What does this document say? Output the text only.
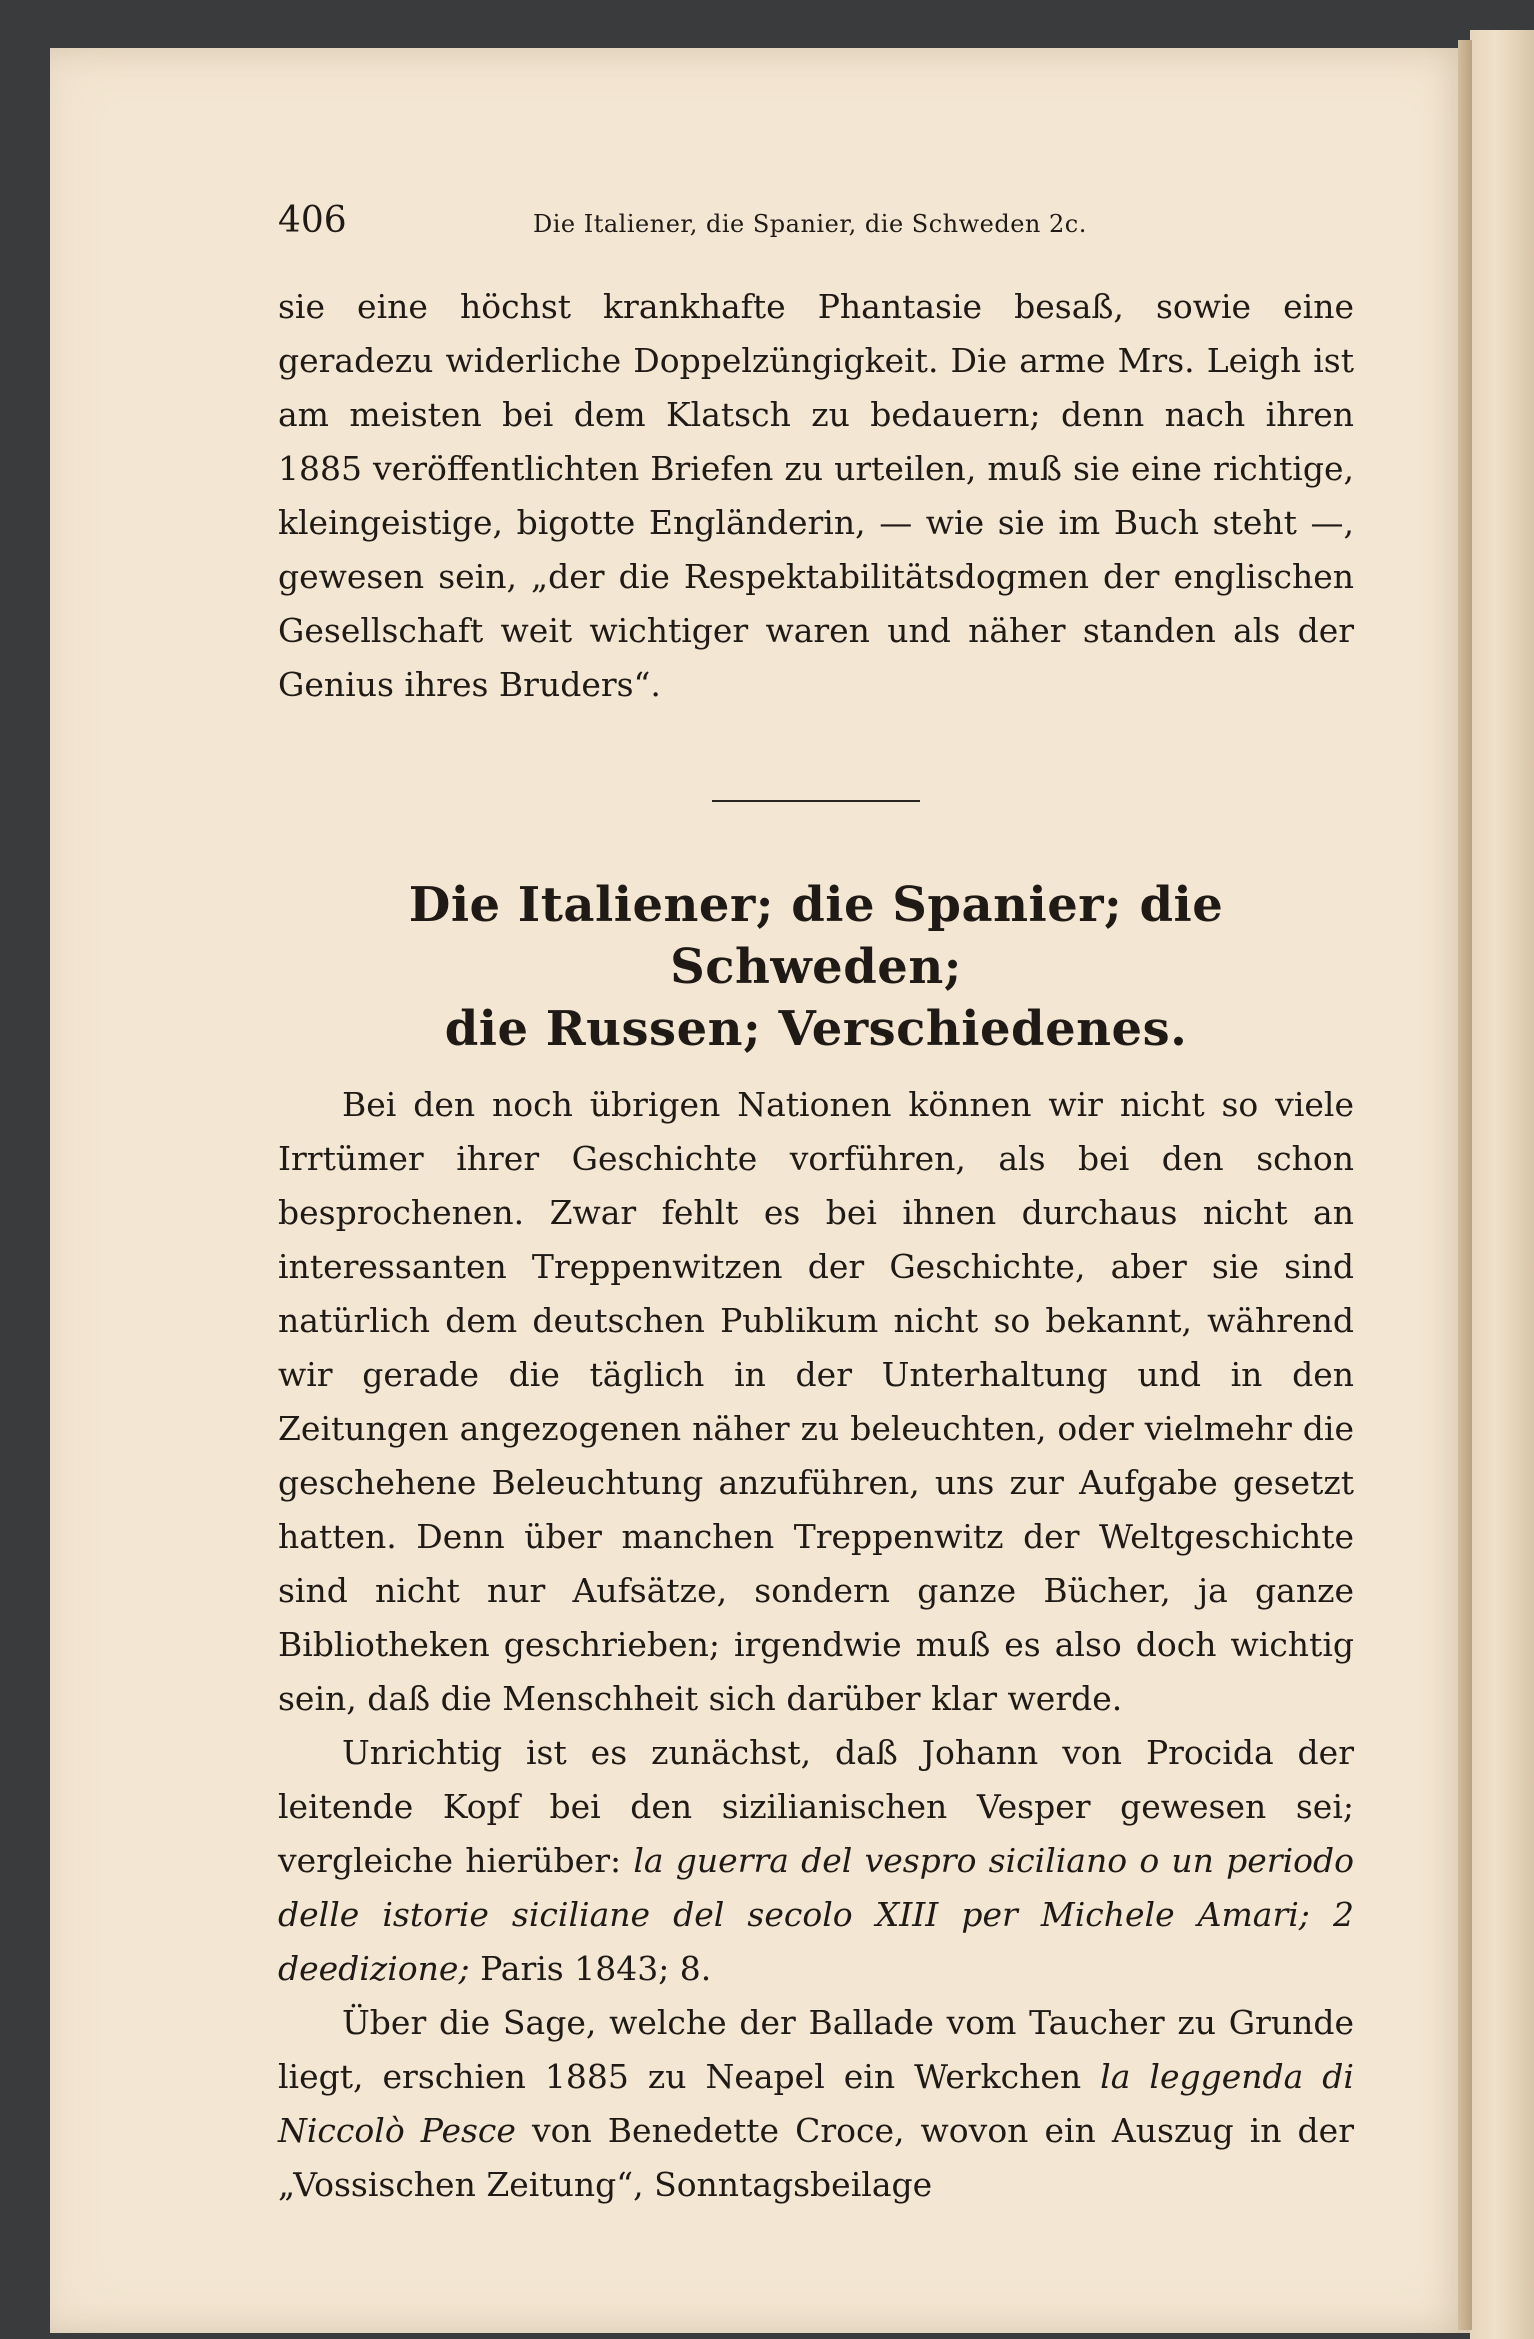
406	Die Italiener, die Spanier, die Schweden 2c.

sie eine höchst krankhafte Phantasie besaß, sowie eine geradezu widerliche Doppelzüngigkeit. Die arme Mrs. Leigh ist am meisten bei dem Klatsch zu bedauern; denn nach ihren 1885 veröffentlichten Briefen zu urteilen, muß sie eine richtige, kleingeistige, bigotte Engländerin, — wie sie im Buch steht —, gewesen sein, „der die Respektabilitätsdogmen der englischen Gesellschaft weit wichtiger waren und näher standen als der Genius ihres Bruders“.

Die Italiener; die Spanier; die Schweden;
die Russen; Verschiedenes.

Bei den noch übrigen Nationen können wir nicht so viele Irrtümer ihrer Geschichte vorführen, als bei den schon besprochenen. Zwar fehlt es bei ihnen durchaus nicht an interessanten Treppenwitzen der Geschichte, aber sie sind natürlich dem deutschen Publikum nicht so bekannt, während wir gerade die täglich in der Unterhaltung und in den Zeitungen angezogenen näher zu beleuchten, oder vielmehr die geschehene Beleuchtung anzuführen, uns zur Aufgabe gesetzt hatten. Denn über manchen Treppenwitz der Weltgeschichte sind nicht nur Aufsätze, sondern ganze Bücher, ja ganze Bibliotheken geschrieben; irgendwie muß es also doch wichtig sein, daß die Menschheit sich darüber klar werde.

Unrichtig ist es zunächst, daß Johann von Procida der leitende Kopf bei den sizilianischen Vesper gewesen sei; vergleiche hierüber: la guerra del vespro siciliano o un periodo delle istorie siciliane del secolo XIII per Michele Amari; 2 deedizione; Paris 1843; 8.

Über die Sage, welche der Ballade vom Taucher zu Grunde liegt, erschien 1885 zu Neapel ein Werkchen la leggenda di Niccolò Pesce von Benedette Croce, wovon ein Auszug in der „Vossischen Zeitung“, Sonntagsbeilage
